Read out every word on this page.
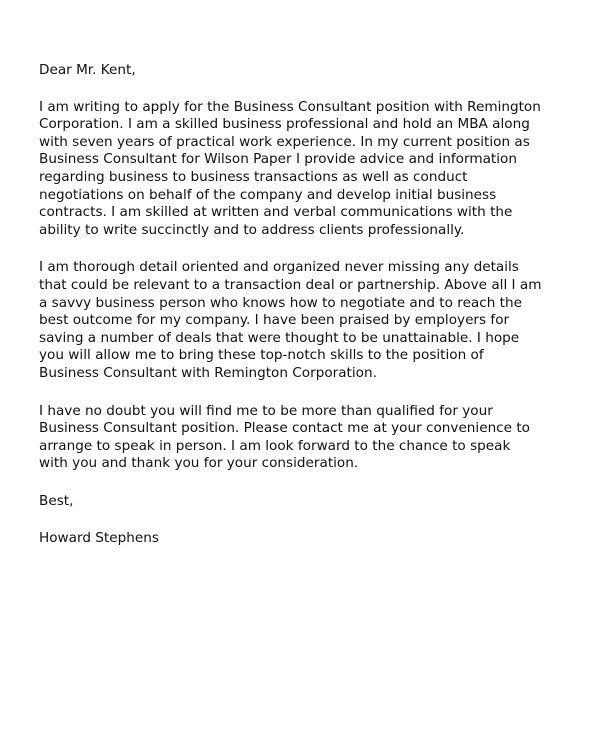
Dear Mr. Kent,

I am writing to apply for the Business Consultant position with Remington
Corporation. I am a skilled business professional and hold an MBA along
with seven years of practical work experience. In my current position as
Business Consultant for Wilson Paper I provide advice and information
regarding business to business transactions as well as conduct
negotiations on behalf of the company and develop initial business
contracts. I am skilled at written and verbal communications with the
ability to write succinctly and to address clients professionally.

I am thorough detail oriented and organized never missing any details
that could be relevant to a transaction deal or partnership. Above all I am
a savvy business person who knows how to negotiate and to reach the
best outcome for my company. I have been praised by employers for
saving a number of deals that were thought to be unattainable. I hope
you will allow me to bring these top-notch skills to the position of
Business Consultant with Remington Corporation.

I have no doubt you will find me to be more than qualified for your
Business Consultant position. Please contact me at your convenience to
arrange to speak in person. I am look forward to the chance to speak
with you and thank you for your consideration.

Best,

Howard Stephens
